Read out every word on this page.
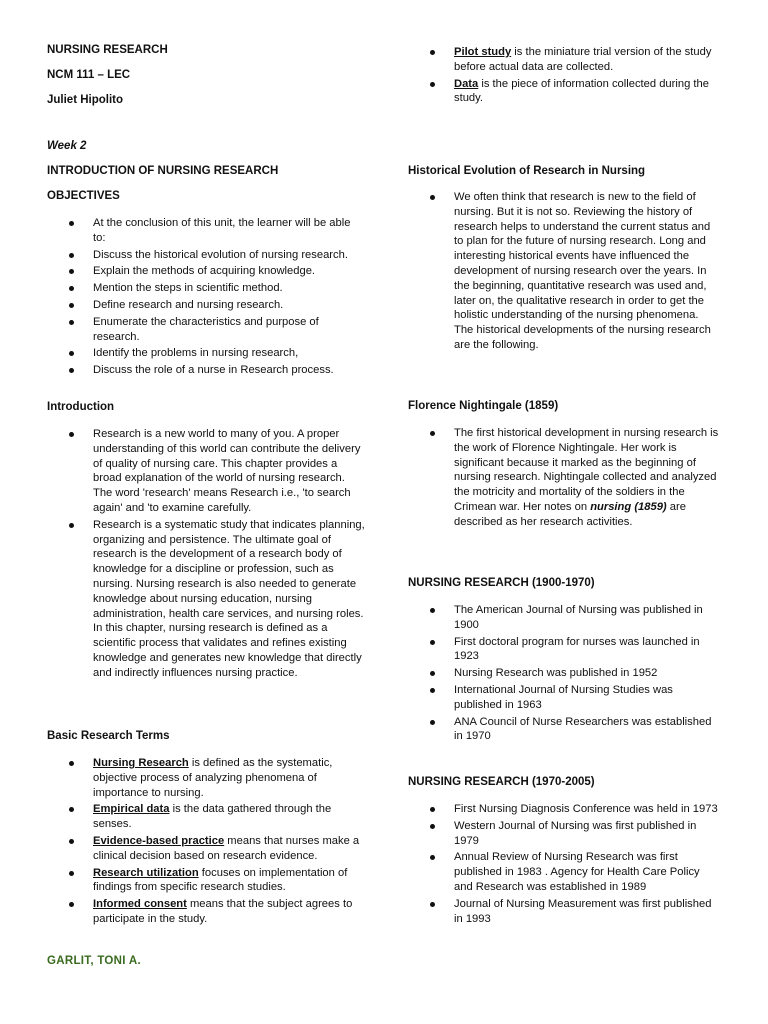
NURSING RESEARCH
NCM 111 – LEC
Juliet Hipolito
Week 2
INTRODUCTION OF NURSING RESEARCH
OBJECTIVES
At the conclusion of this unit, the learner will be able to:
Discuss the historical evolution of nursing research.
Explain the methods of acquiring knowledge.
Mention the steps in scientific method.
Define research and nursing research.
Enumerate the characteristics and purpose of research.
Identify the problems in nursing research,
Discuss the role of a nurse in Research process.
Introduction
Research is a new world to many of you. A proper understanding of this world can contribute the delivery of quality of nursing care. This chapter provides a broad explanation of the world of nursing research. The word 'research' means Research i.e., 'to search again' and 'to examine carefully.
Research is a systematic study that indicates planning, organizing and persistence. The ultimate goal of research is the development of a research body of knowledge for a discipline or profession, such as nursing. Nursing research is also needed to generate knowledge about nursing education, nursing administration, health care services, and nursing roles. In this chapter, nursing research is defined as a scientific process that validates and refines existing knowledge and generates new knowledge that directly and indirectly influences nursing practice.
Basic Research Terms
Nursing Research is defined as the systematic, objective process of analyzing phenomena of importance to nursing.
Empirical data is the data gathered through the senses.
Evidence-based practice means that nurses make a clinical decision based on research evidence.
Research utilization focuses on implementation of findings from specific research studies.
Informed consent means that the subject agrees to participate in the study.
Pilot study is the miniature trial version of the study before actual data are collected.
Data is the piece of information collected during the study.
Historical Evolution of Research in Nursing
We often think that research is new to the field of nursing. But it is not so. Reviewing the history of research helps to understand the current status and to plan for the future of nursing research. Long and interesting historical events have influenced the development of nursing research over the years. In the beginning, quantitative research was used and, later on, the qualitative research in order to get the holistic understanding of the nursing phenomena. The historical developments of the nursing research are the following.
Florence Nightingale (1859)
The first historical development in nursing research is the work of Florence Nightingale. Her work is significant because it marked as the beginning of nursing research. Nightingale collected and analyzed the motricity and mortality of the soldiers in the Crimean war. Her notes on nursing (1859) are described as her research activities.
NURSING RESEARCH (1900-1970)
The American Journal of Nursing was published in 1900
First doctoral program for nurses was launched in 1923
Nursing Research was published in 1952
International Journal of Nursing Studies was published in 1963
ANA Council of Nurse Researchers was established in 1970
NURSING RESEARCH (1970-2005)
First Nursing Diagnosis Conference was held in 1973
Western Journal of Nursing was first published in 1979
Annual Review of Nursing Research was first published in 1983 . Agency for Health Care Policy and Research was established in 1989
Journal of Nursing Measurement was first published in 1993
GARLIT, TONI A.
